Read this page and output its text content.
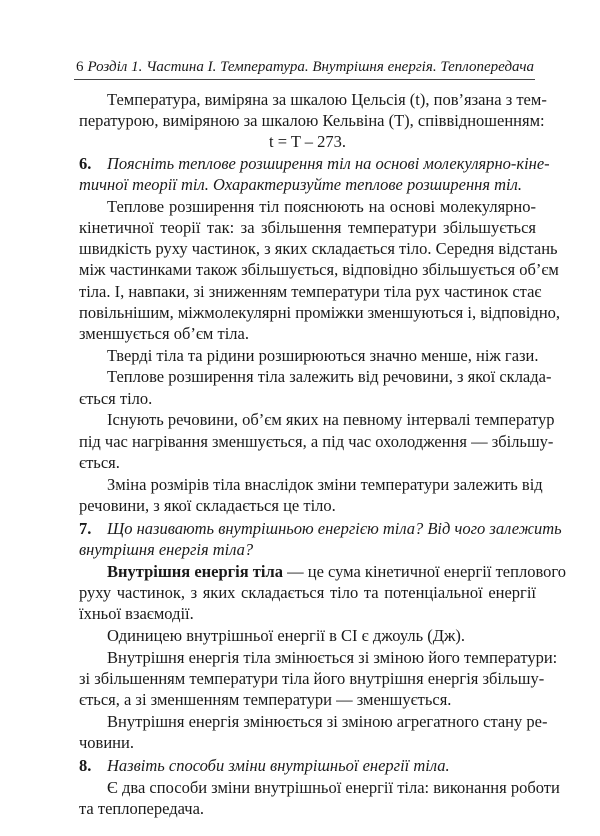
6 Розділ 1. Частина I. Температура. Внутрішня енергія. Теплопередача
Температура, виміряна за шкалою Цельсія (t), пов’язана з тем-
пературою, виміряною за шкалою Кельвіна (T), співвідношенням:
t = T – 273.
6. Поясніть теплове розширення тіл на основі молекулярно-кіне-
тичної теорії тіл. Охарактеризуйте теплове розширення тіл.
Теплове розширення тіл пояснюють на основі молекулярно-
кінетичної теорії так: за збільшення температури збільшується
швидкість руху частинок, з яких складається тіло. Середня відстань
між частинками також збільшується, відповідно збільшується об’єм
тіла. І, навпаки, зі зниженням температури тіла рух частинок стає
повільнішим, міжмолекулярні проміжки зменшуються і, відповідно,
зменшується об’єм тіла.
Тверді тіла та рідини розширюються значно менше, ніж гази.
Теплове розширення тіла залежить від речовини, з якої склада-
ється тіло.
Існують речовини, об’єм яких на певному інтервалі температур
під час нагрівання зменшується, а під час охолодження — збільшу-
ється.
Зміна розмірів тіла внаслідок зміни температури залежить від
речовини, з якої складається це тіло.
7. Що називають внутрішньою енергією тіла? Від чого залежить
внутрішня енергія тіла?
Внутрішня енергія тіла — це сума кінетичної енергії теплового
руху частинок, з яких складається тіло та потенціальної енергії
їхньої взаємодії.
Одиницею внутрішньої енергії в СІ є джоуль (Дж).
Внутрішня енергія тіла змінюється зі зміною його температури:
зі збільшенням температури тіла його внутрішня енергія збільшу-
ється, а зі зменшенням температури — зменшується.
Внутрішня енергія змінюється зі зміною агрегатного стану ре-
човини.
8. Назвіть способи зміни внутрішньої енергії тіла.
Є два способи зміни внутрішньої енергії тіла: виконання роботи
та теплопередача.
